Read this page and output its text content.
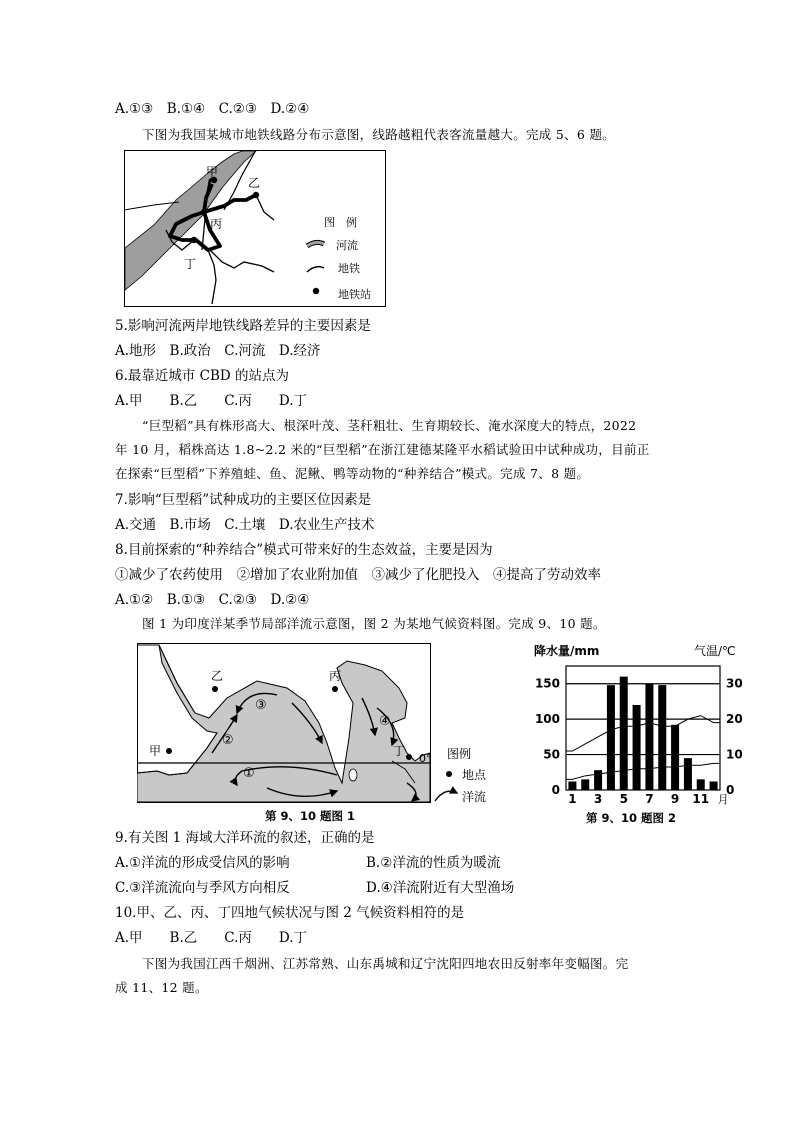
A.①③　B.①④　C.②③　D.②④
下图为我国某城市地铁线路分布示意图，线路越粗代表客流量越大。完成 5、6 题。
甲
乙
丙
丁
图　例
河流
地铁
地铁站
5.影响河流两岸地铁线路差异的主要因素是
A.地形　B.政治　C.河流　D.经济
6.最靠近城市 CBD 的站点为
A.甲　　B.乙　　C.丙　　D.丁
“巨型稻”具有株形高大、根深叶茂、茎秆粗壮、生育期较长、淹水深度大的特点，2022
年 10 月，稻株高达 1.8~2.2 米的“巨型稻”在浙江建德某隆平水稻试验田中试种成功，目前正
在探索“巨型稻”下养殖蛙、鱼、泥鳅、鸭等动物的“种养结合”模式。完成 7、8 题。
7.影响“巨型稻”试种成功的主要区位因素是
A.交通　B.市场　C.土壤　D.农业生产技术
8.目前探索的“种养结合”模式可带来好的生态效益，主要是因为
①减少了农药使用　②增加了农业附加值　③减少了化肥投入　④提高了劳动效率
A.①②　B.①③　C.②③　D.②④
图 1 为印度洋某季节局部洋流示意图，图 2 为某地气候资料图。完成 9、10 题。
0°
①
②
③
④
甲
乙	丙
丁	图例
地点
洋流
第 9、10 题图 1
降水量/mm	气温/℃
0
50
100
150
0
10
20
30
1 3 5 7 9 11 月
第 9、10 题图 2
9.有关图 1 海域大洋环流的叙述，正确的是
A.①洋流的形成受信风的影响	B.②洋流的性质为暖流
C.③洋流流向与季风方向相反	D.④洋流附近有大型渔场
10.甲、乙、丙、丁四地气候状况与图 2 气候资料相符的是
A.甲　　B.乙　　C.丙　　D.丁
下图为我国江西千烟洲、江苏常熟、山东禹城和辽宁沈阳四地农田反射率年变幅图。完
成 11、12 题。
